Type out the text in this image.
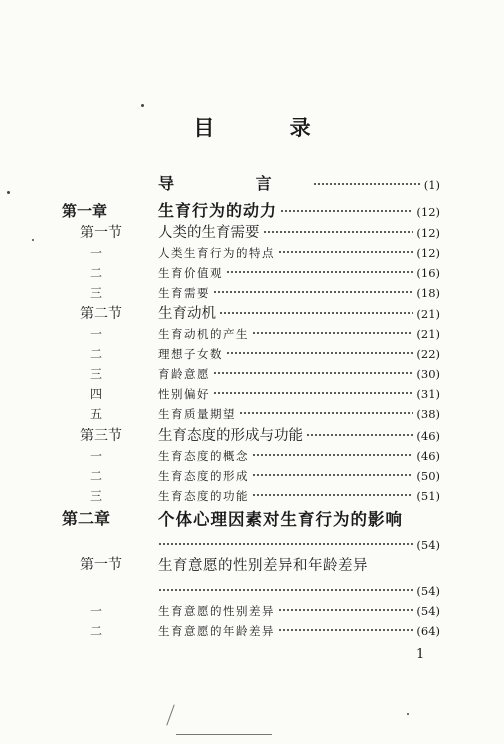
目 录
导 言	(1)
第一章	生育行为的动力	(12)
第一节 人类的生育需要	(12)
一	人类生育行为的特点	(12)
二	生育价值观	(16)
三	生育需要	(18)
第二节 生育动机	(21)
一	生育动机的产生	(21)
二	理想子女数	(22)
三	育龄意愿	(30)
四	性别偏好	(31)
五	生育质量期望	(38)
第三节 生育态度的形成与功能	(46)
一	生育态度的概念	(46)
二	生育态度的形成	(50)
三	生育态度的功能	(51)
第二章	个体心理因素对生育行为的影响
(54)
第一节 生育意愿的性别差异和年龄差异
(54)
一	生育意愿的性别差异	(54)
二	生育意愿的年龄差异	(64)
1
